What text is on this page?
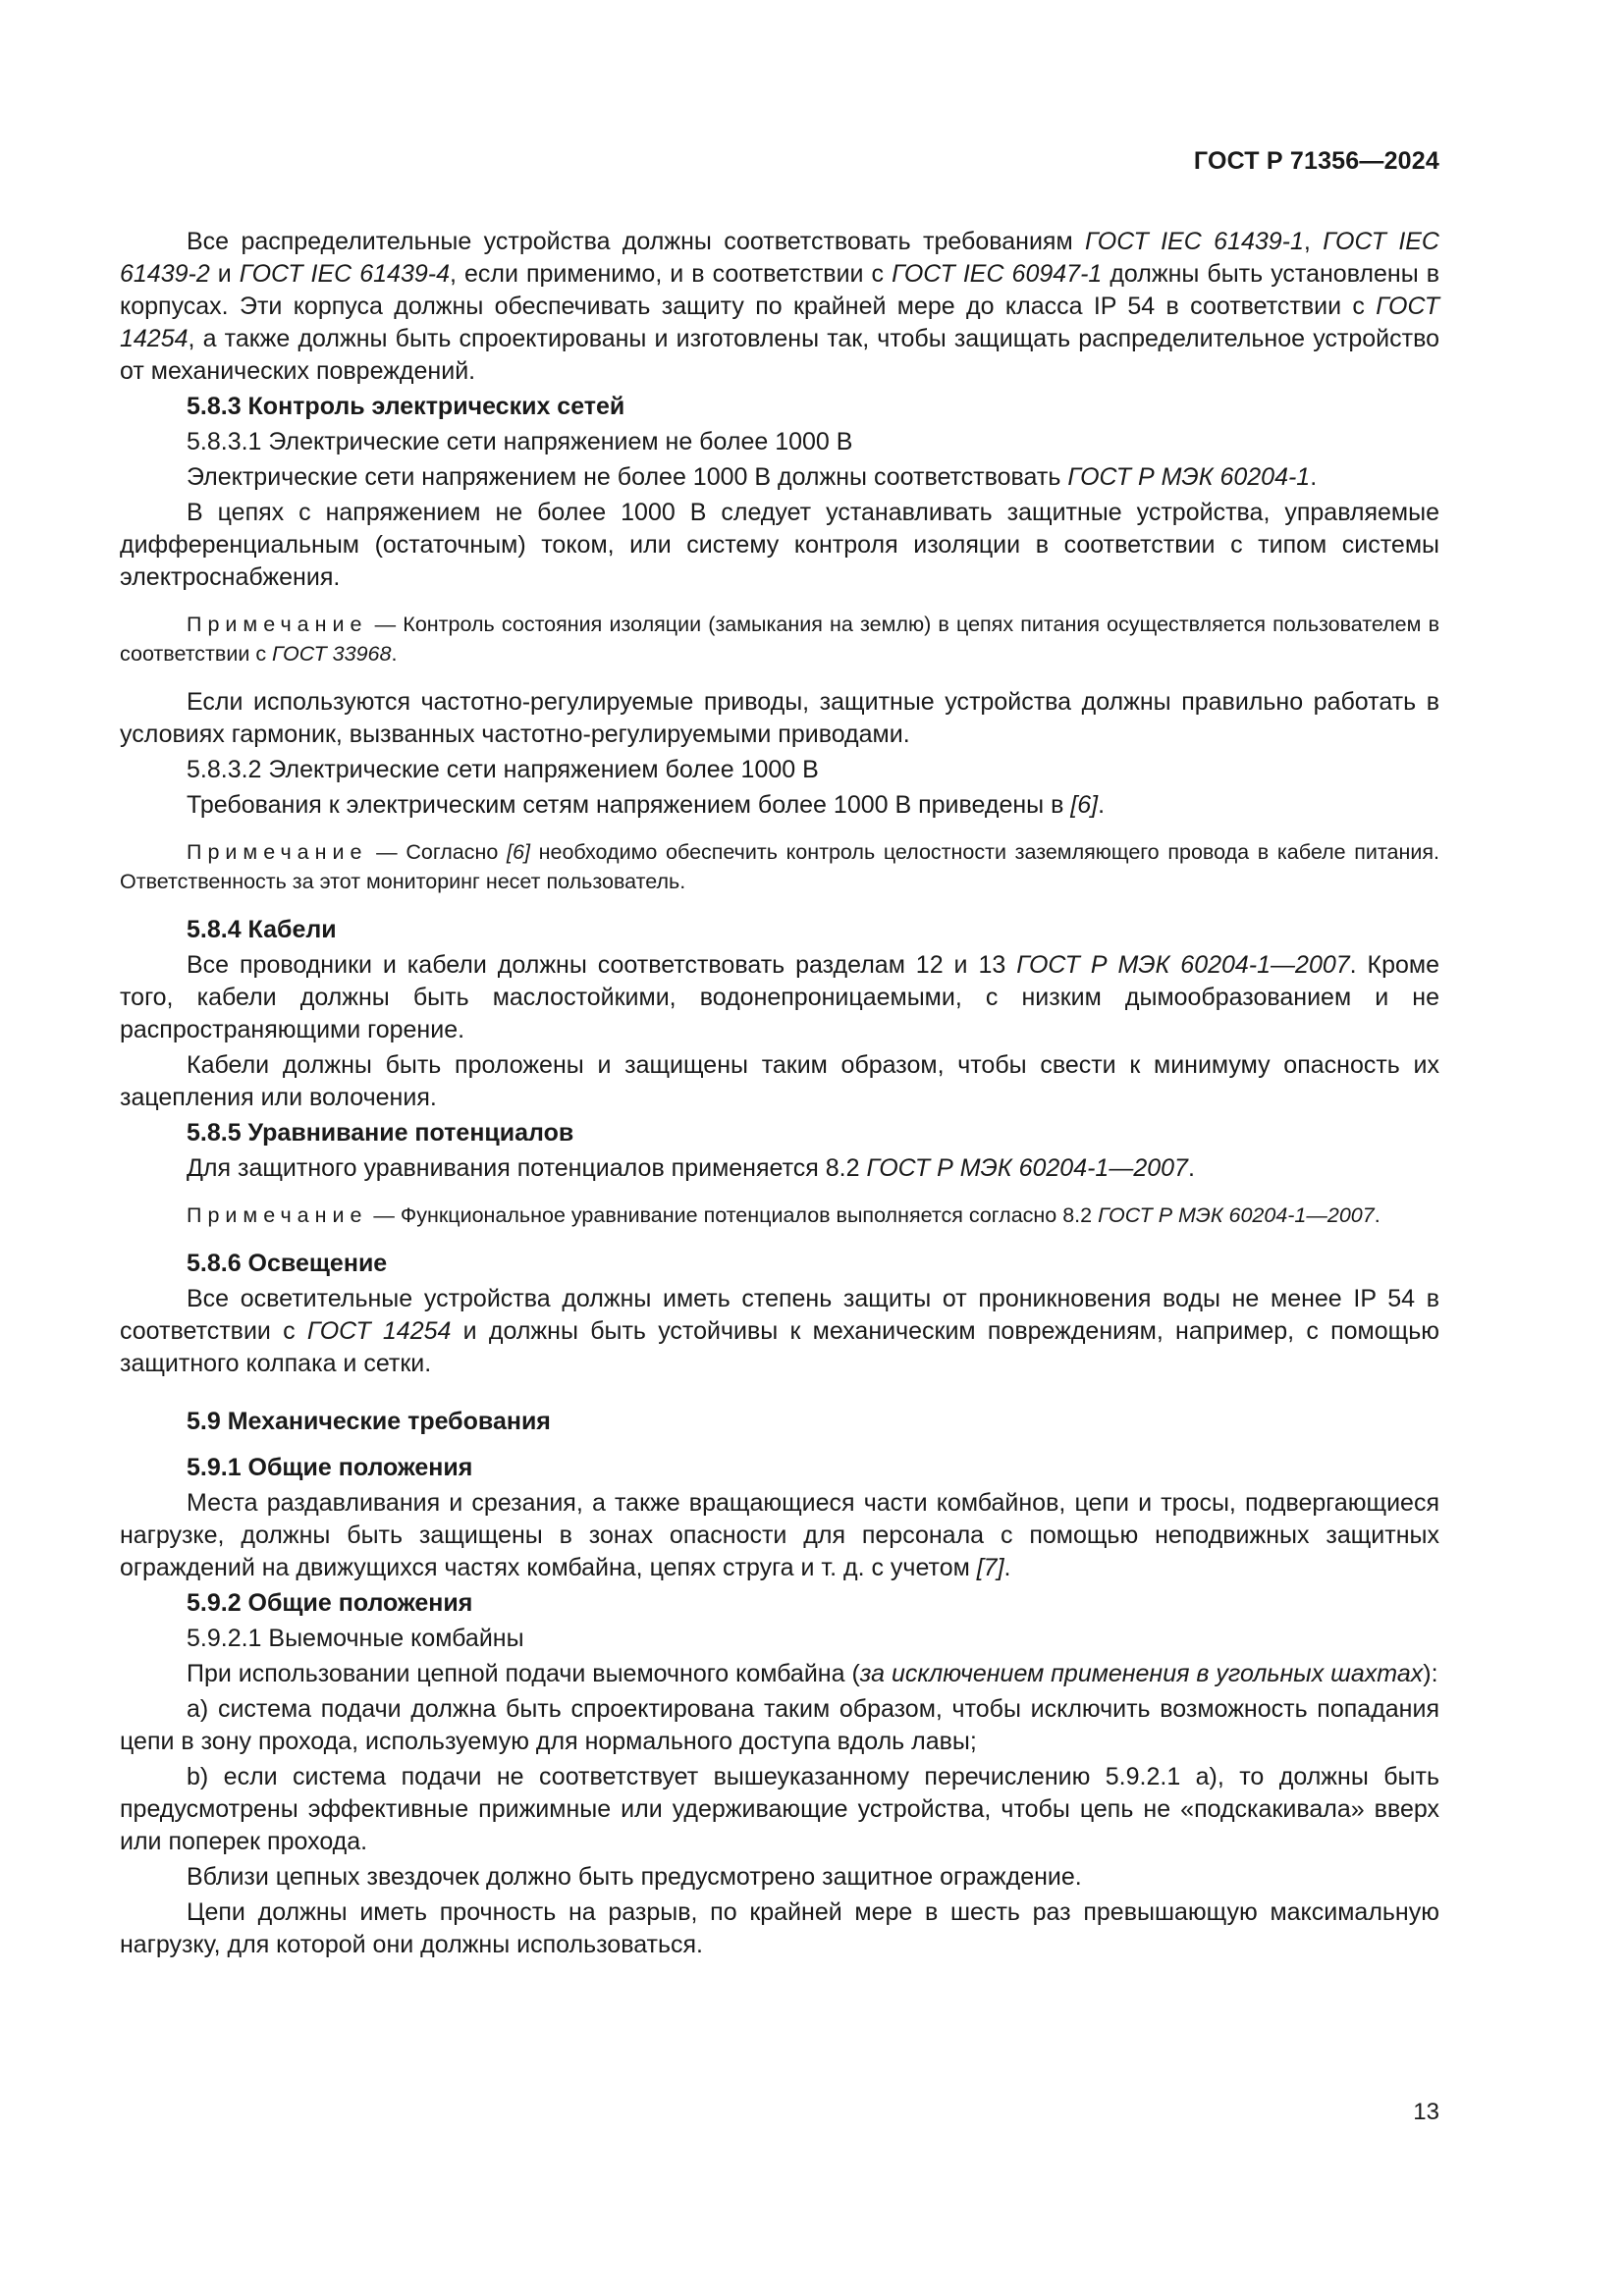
ГОСТ Р 71356—2024

Все распределительные устройства должны соответствовать требованиям ГОСТ IEC 61439-1, ГОСТ IEC 61439-2 и ГОСТ IEC 61439-4, если применимо, и в соответствии с ГОСТ IEC 60947-1 должны быть установлены в корпусах. Эти корпуса должны обеспечивать защиту по крайней мере до класса IP 54 в соответствии с ГОСТ 14254, а также должны быть спроектированы и изготовлены так, чтобы защищать распределительное устройство от механических повреждений.

5.8.3 Контроль электрических сетей

5.8.3.1 Электрические сети напряжением не более 1000 В

Электрические сети напряжением не более 1000 В должны соответствовать ГОСТ Р МЭК 60204-1.

В цепях с напряжением не более 1000 В следует устанавливать защитные устройства, управляемые дифференциальным (остаточным) током, или систему контроля изоляции в соответствии с типом системы электроснабжения.

Примечание — Контроль состояния изоляции (замыкания на землю) в цепях питания осуществляется пользователем в соответствии с ГОСТ 33968.

Если используются частотно-регулируемые приводы, защитные устройства должны правильно работать в условиях гармоник, вызванных частотно-регулируемыми приводами.

5.8.3.2 Электрические сети напряжением более 1000 В

Требования к электрическим сетям напряжением более 1000 В приведены в [6].

Примечание — Согласно [6] необходимо обеспечить контроль целостности заземляющего провода в кабеле питания. Ответственность за этот мониторинг несет пользователь.

5.8.4 Кабели

Все проводники и кабели должны соответствовать разделам 12 и 13 ГОСТ Р МЭК 60204-1—2007. Кроме того, кабели должны быть маслостойкими, водонепроницаемыми, с низким дымообразованием и не распространяющими горение.

Кабели должны быть проложены и защищены таким образом, чтобы свести к минимуму опасность их зацепления или волочения.

5.8.5 Уравнивание потенциалов

Для защитного уравнивания потенциалов применяется 8.2 ГОСТ Р МЭК 60204-1—2007.

Примечание — Функциональное уравнивание потенциалов выполняется согласно 8.2 ГОСТ Р МЭК 60204-1—2007.

5.8.6 Освещение

Все осветительные устройства должны иметь степень защиты от проникновения воды не менее IP 54 в соответствии с ГОСТ 14254 и должны быть устойчивы к механическим повреждениям, например, с помощью защитного колпака и сетки.

5.9 Механические требования

5.9.1 Общие положения

Места раздавливания и срезания, а также вращающиеся части комбайнов, цепи и тросы, подвергающиеся нагрузке, должны быть защищены в зонах опасности для персонала с помощью неподвижных защитных ограждений на движущихся частях комбайна, цепях струга и т. д. с учетом [7].

5.9.2 Общие положения

5.9.2.1 Выемочные комбайны

При использовании цепной подачи выемочного комбайна (за исключением применения в угольных шахтах):

а) система подачи должна быть спроектирована таким образом, чтобы исключить возможность попадания цепи в зону прохода, используемую для нормального доступа вдоль лавы;

b) если система подачи не соответствует вышеуказанному перечислению 5.9.2.1 а), то должны быть предусмотрены эффективные прижимные или удерживающие устройства, чтобы цепь не «подскакивала» вверх или поперек прохода.

Вблизи цепных звездочек должно быть предусмотрено защитное ограждение.

Цепи должны иметь прочность на разрыв, по крайней мере в шесть раз превышающую максимальную нагрузку, для которой они должны использоваться.

13
